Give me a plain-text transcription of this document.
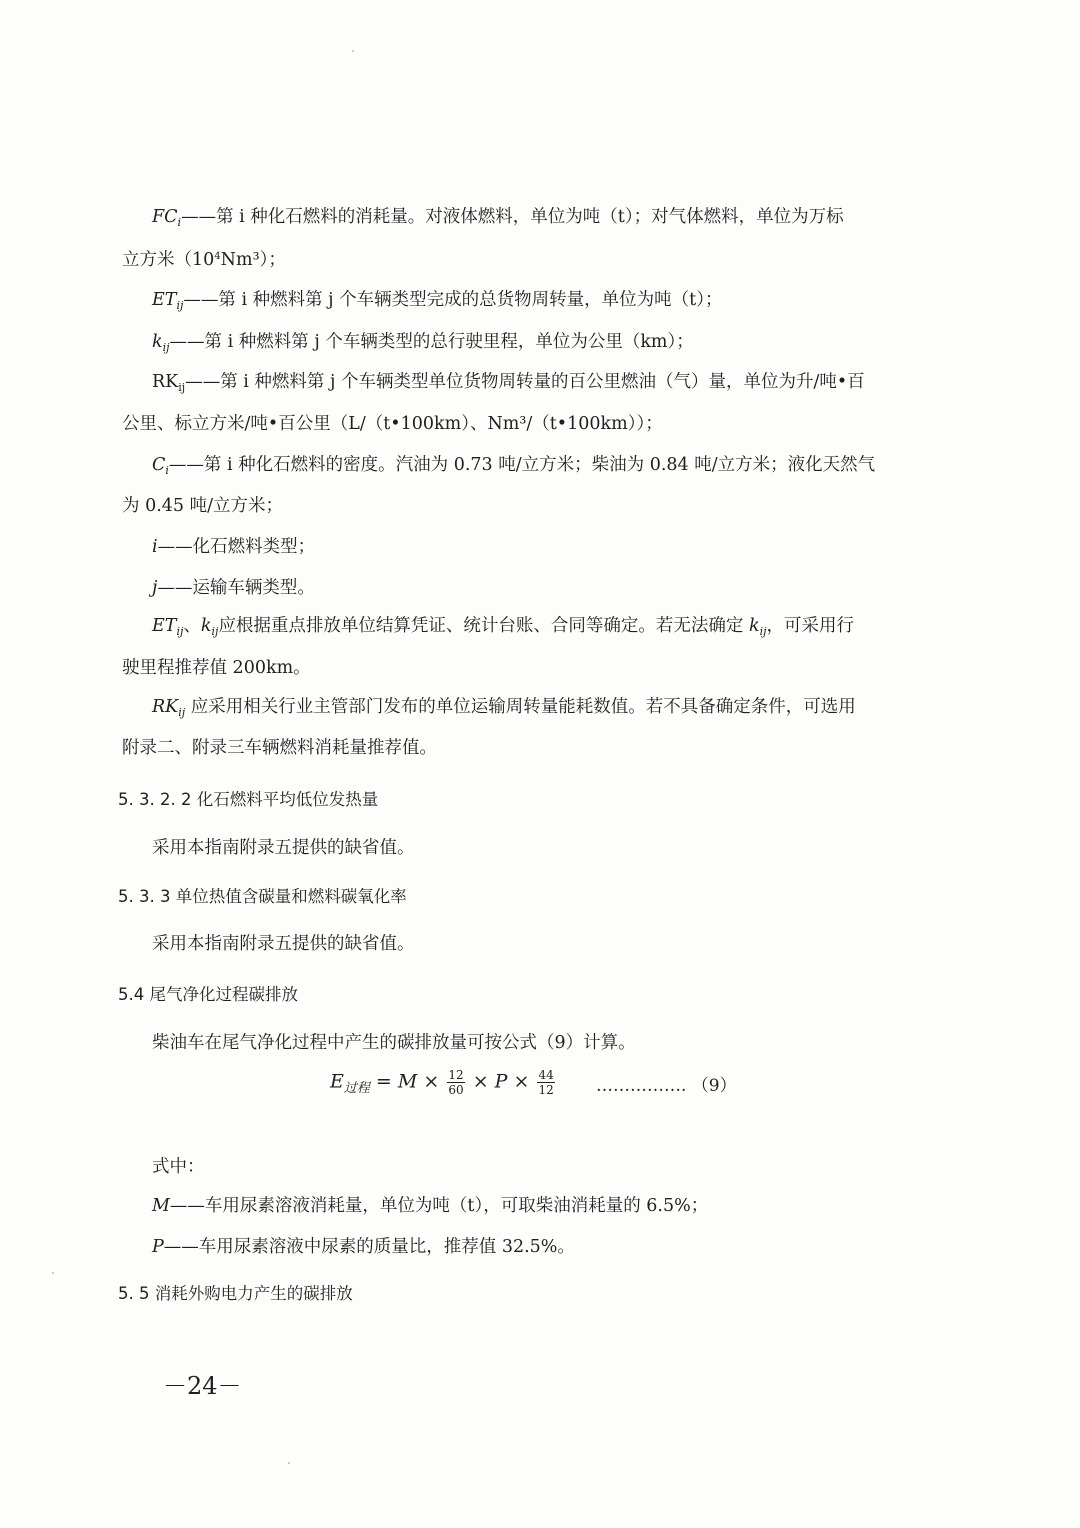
$FC_i——$第 i 种化石燃料的消耗量。对液体燃料，单位为吨（t）；对气体燃料，单位为万标
立方米$(10^4Nm^3)$；
$ET_{ij}——$第 i 种燃料第 j 个车辆类型完成的总货物周转量，单位为吨（t）；
$k_{ij}——$第 i 种燃料第 j 个车辆类型的总行驶里程，单位为公里（km）；
$RK_{ij}——$第 i 种燃料第 j 个车辆类型单位货物周转量的百公里燃油（气）量，单位为升/吨•百
公里、标立方米/吨•百公里（L/（t•100km）、Nm³/（t•100km））；
$C_i——$第 i 种化石燃料的密度。汽油为 0.73 吨/立方米；柴油为 0.84 吨/立方米；液化天然气
为 0.45 吨/立方米；
i——化石燃料类型；
j——运输车辆类型。
$ET_{ij}$、$k_{ij}$应根据重点排放单位结算凭证、统计台账、合同等确定。若无法确定 $k_{ij}$，可采用行
驶里程推荐值 200km。
$RK_{ij}$ 应采用相关行业主管部门发布的单位运输周转量能耗数值。若不具备确定条件，可选用
附录二、附录三车辆燃料消耗量推荐值。
5. 3. 2. 2 化石燃料平均低位发热量
采用本指南附录五提供的缺省值。
5. 3. 3 单位热值含碳量和燃料碳氧化率
采用本指南附录五提供的缺省值。
5.4 尾气净化过程碳排放
柴油车在尾气净化过程中产生的碳排放量可按公式（9）计算。
$E_{过程} = M \times \frac{12}{60} \times P \times \frac{44}{12}$ ……………. （9）
式中：
M——车用尿素溶液消耗量，单位为吨（t），可取柴油消耗量的 6.5%；
P——车用尿素溶液中尿素的质量比，推荐值 32.5%。
5. 5 消耗外购电力产生的碳排放
－24－
